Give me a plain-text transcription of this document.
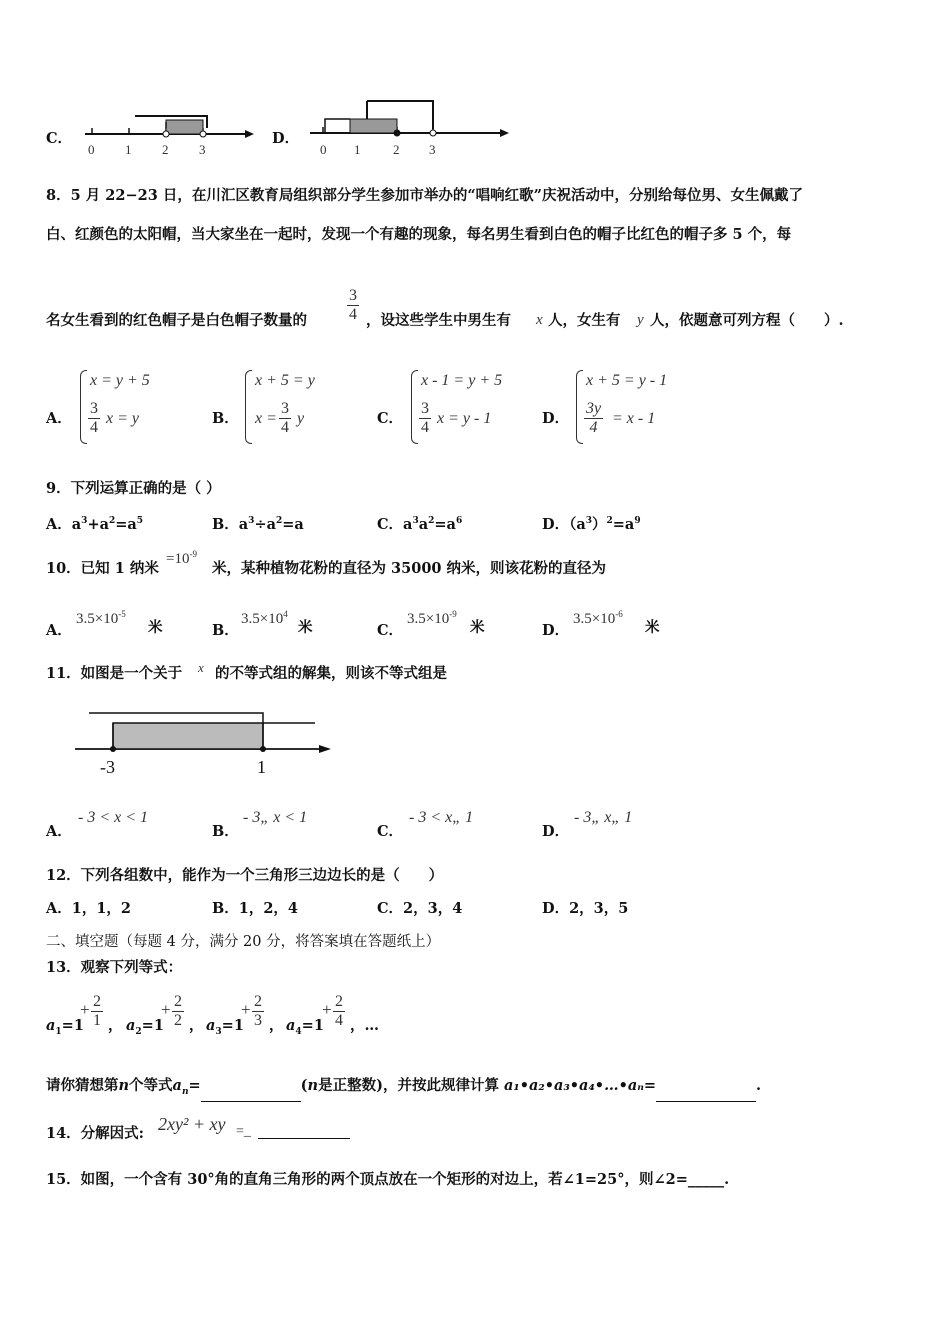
C．
0 1 2 3
D．
0 1	2 3
8．5 月 22−23 日，在川汇区教育局组织部分学生参加市举办的“唱响红歌”庆祝活动中，分别给每位男、女生佩戴了
白、红颜色的太阳帽，当大家坐在一起时，发现一个有趣的现象，每名男生看到白色的帽子比红色的帽子多 5 个，每
名女生看到的红色帽子是白色帽子数量的	$\frac{3}{4}$ ，设这些学生中男生有 x 人，女生有 y 人，依题意可列方程（　　）.
A．
x = y + 5
$\frac{3}{4}$ x = y	B．
x + 5 = y
$x = \frac{3}{4}$ y	C．
x - 1 = y + 5
$\frac{3}{4}$ x = y - 1	D．
x + 5 = y - 1
$\frac{3y}{4} = x - 1$
9．下列运算正确的是（ ）
A．$a^3+a^2=a^5$	B．$a^3\div a^2=a$	C．$a^3a^2=a^6$	D．$(a^3)^2=a^9$
10．已知 1 纳米
$=10^{-9}$
米，某种植物花粉的直径为 35000 纳米，则该花粉的直径为
A．
$3.5\times 10^{-5}$
米	B．
$3.5\times 10^4$
米	C．
$3.5\times 10^{-9}$
米	D．
$3.5\times 10^{-6}$
米
11．如图是一个关于 x 的不等式组的解集，则该不等式组是
-3	1
A．
- 3 < x < 1
B．
- 3„ x < 1
C．
- 3 < x„ 1
D．
- 3„ x„ 1
12．下列各组数中，能作为一个三角形三边边长的是（　　）
A．1，1，2	B．1，2，4	C．2，3，4	D．2，3，5
二、填空题（每题 4 分，满分 20 分，将答案填在答题纸上）
13．观察下列等式：
$a_1=1$
+ $\frac{2}{1}$ ， $a_2=1$
+ $\frac{2}{2}$ ， $a_3=1$
+ $\frac{2}{3}$ ， $a_4=1$
+ $\frac{2}{4}$ ，…
请你猜想第n个等式$a_n=$	(n是正整数)，并按此规律计算 a₁•a₂•a₃•a₄•…•aₙ=	.
14．分解因式: 2xy² + xy =_
15．如图，一个含有 30°角的直角三角形的两个顶点放在一个矩形的对边上，若∠1=25°，则∠2=_____.
